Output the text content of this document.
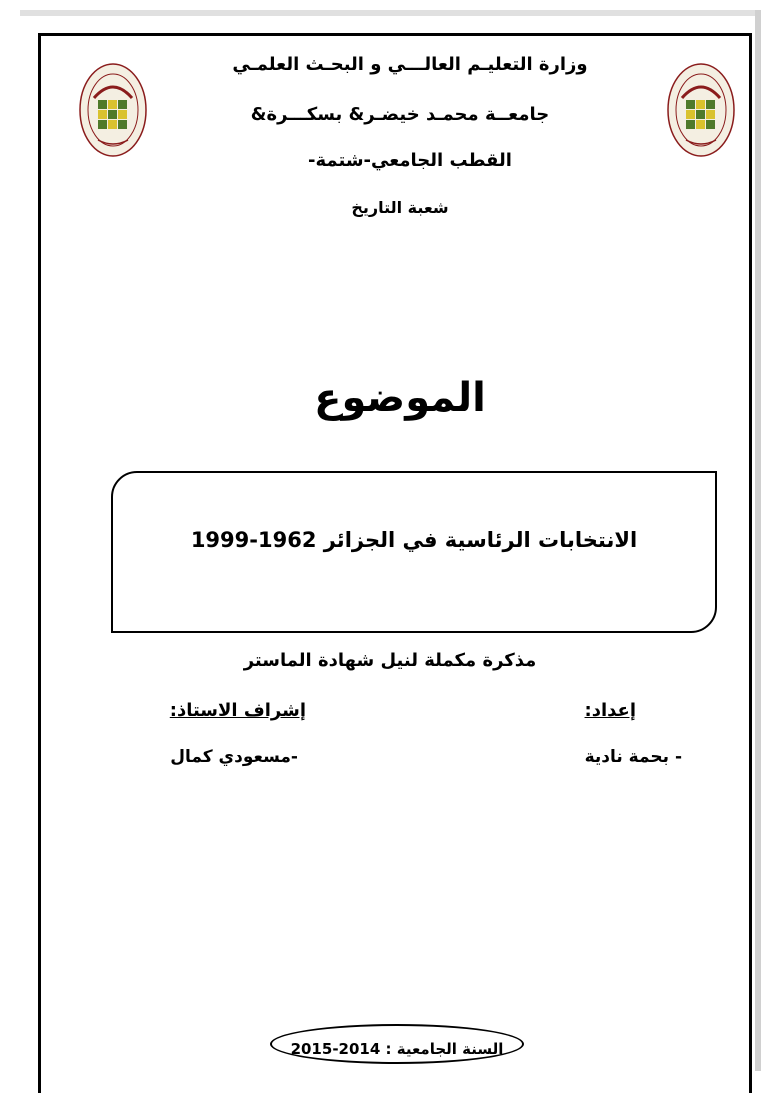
وزارة التعليـم العالـــي و البحـث العلمـي
جامعــة محمـد خيضـر& بسكـــرة&
القطب الجامعي-شتمة-
شعبة التاريخ
الموضوع
الانتخابات الرئاسية في الجزائر 1962-1999
مذكرة مكملة لنيل شهادة الماستر
إعداد:
إشراف الاستاذ:
- بحمة نادية
-مسعودي كمال
السنة الجامعية : 2014-2015
